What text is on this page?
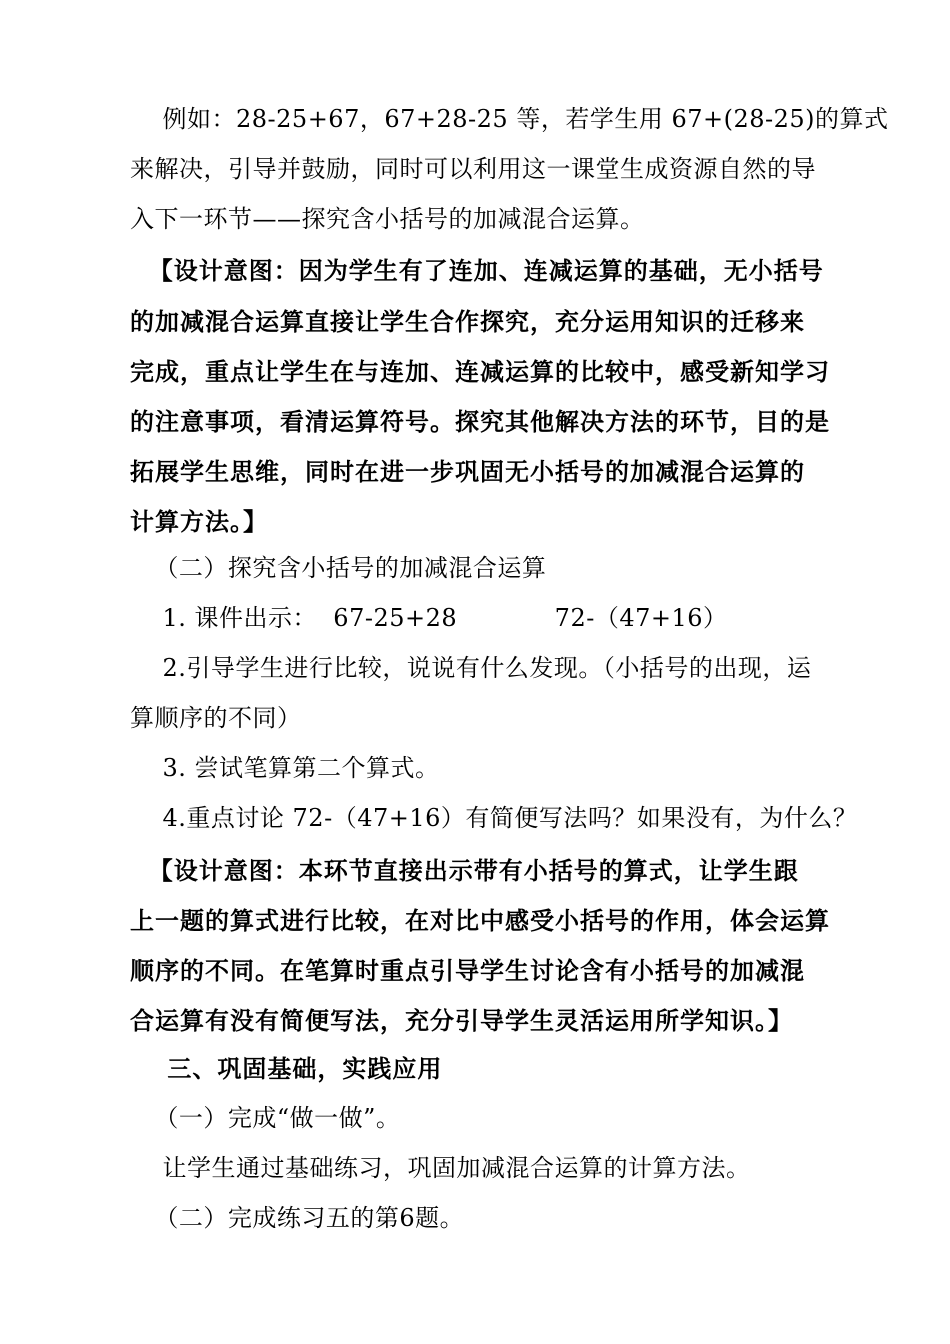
例如：28-25+67，67+28-25 等，若学生用 67+(28-25)的算式
来解决，引导并鼓励，同时可以利用这一课堂生成资源自然的导
入下一环节——探究含小括号的加减混合运算。
【设计意图：因为学生有了连加、连减运算的基础，无小括号
的加减混合运算直接让学生合作探究，充分运用知识的迁移来
完成，重点让学生在与连加、连减运算的比较中，感受新知学习
的注意事项，看清运算符号。探究其他解决方法的环节，目的是
拓展学生思维，同时在进一步巩固无小括号的加减混合运算的
计算方法。】
（二）探究含小括号的加减混合运算
1. 课件出示：  67-25+28            72-（47+16）
2.引导学生进行比较，说说有什么发现。（小括号的出现，运
算顺序的不同）
3. 尝试笔算第二个算式。
4.重点讨论 72-（47+16）有简便写法吗？如果没有，为什么？
【设计意图：本环节直接出示带有小括号的算式，让学生跟
上一题的算式进行比较，在对比中感受小括号的作用，体会运算
顺序的不同。在笔算时重点引导学生讨论含有小括号的加减混
合运算有没有简便写法，充分引导学生灵活运用所学知识。】
三、巩固基础，实践应用
（一）完成“做一做”。
让学生通过基础练习，巩固加减混合运算的计算方法。
（二）完成练习五的第6题。
